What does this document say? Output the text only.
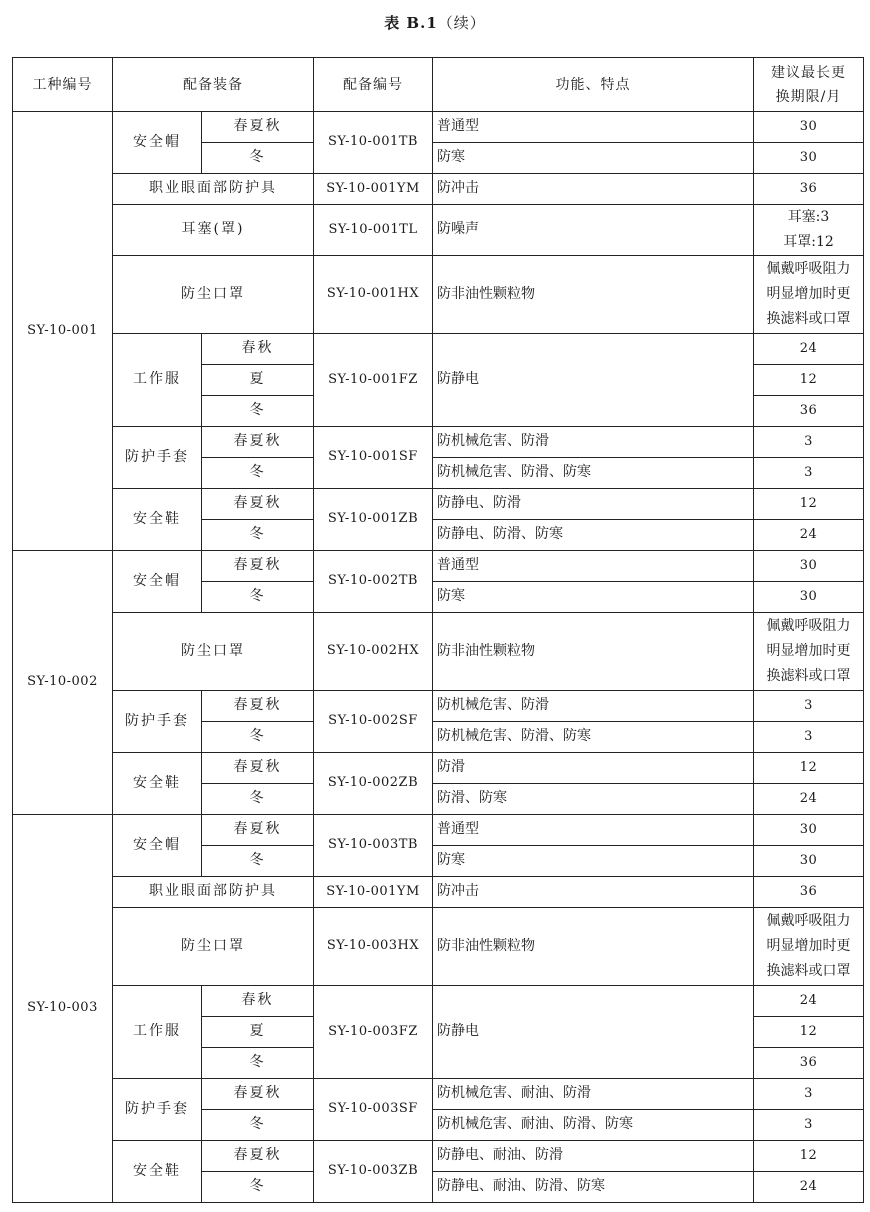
表 B.1（续）
工种编号	配备装备		配备编号	功能、特点	建议最长更
换期限/月
SY-10-001	安全帽	春夏秋	SY-10-001TB	普通型	30
		冬		防寒	30
	职业眼面部防护具		SY-10-001YM	防冲击	36
	耳塞(罩)		SY-10-001TL	防噪声	耳塞:3
耳罩:12
	防尘口罩		SY-10-001HX	防非油性颗粒物	佩戴呼吸阻力
明显增加时更
换滤料或口罩
	工作服	春秋	SY-10-001FZ	防静电	24
		夏			12
		冬			36
	防护手套	春夏秋	SY-10-001SF	防机械危害、防滑	3
		冬		防机械危害、防滑、防寒	3
	安全鞋	春夏秋	SY-10-001ZB	防静电、防滑	12
		冬		防静电、防滑、防寒	24
SY-10-002	安全帽	春夏秋	SY-10-002TB	普通型	30
		冬		防寒	30
	防尘口罩		SY-10-002HX	防非油性颗粒物	佩戴呼吸阻力
明显增加时更
换滤料或口罩
	防护手套	春夏秋	SY-10-002SF	防机械危害、防滑	3
		冬		防机械危害、防滑、防寒	3
	安全鞋	春夏秋	SY-10-002ZB	防滑	12
		冬		防滑、防寒	24
SY-10-003	安全帽	春夏秋	SY-10-003TB	普通型	30
		冬		防寒	30
	职业眼面部防护具		SY-10-001YM	防冲击	36
	防尘口罩		SY-10-003HX	防非油性颗粒物	佩戴呼吸阻力
明显增加时更
换滤料或口罩
	工作服	春秋	SY-10-003FZ	防静电	24
		夏			12
		冬			36
	防护手套	春夏秋	SY-10-003SF	防机械危害、耐油、防滑	3
		冬		防机械危害、耐油、防滑、防寒	3
	安全鞋	春夏秋	SY-10-003ZB	防静电、耐油、防滑	12
		冬		防静电、耐油、防滑、防寒	24
